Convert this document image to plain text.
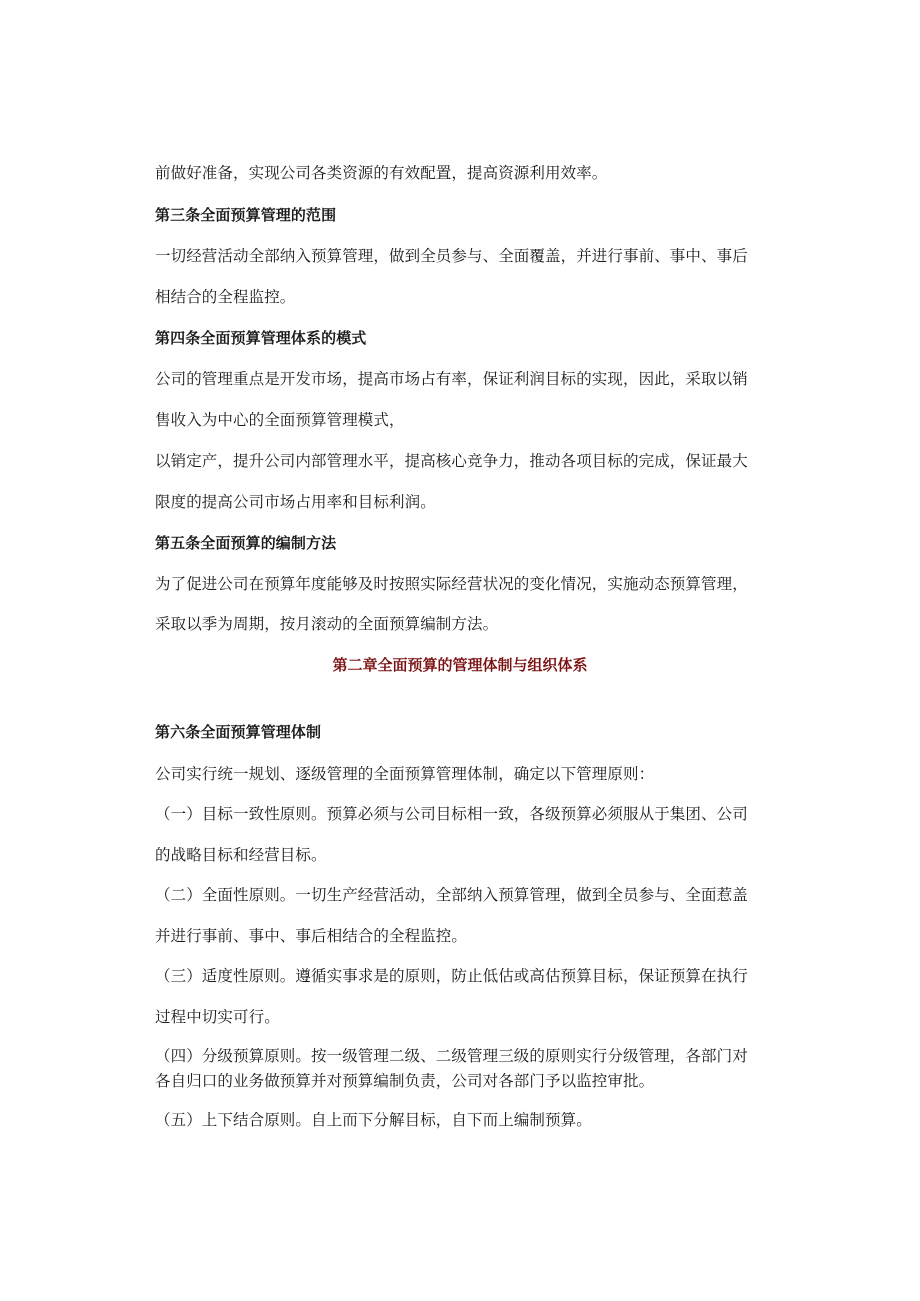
前做好准备，实现公司各类资源的有效配置，提高资源利用效率。
第三条全面预算管理的范围
一切经营活动全部纳入预算管理，做到全员参与、全面覆盖，并进行事前、事中、事后
相结合的全程监控。
第四条全面预算管理体系的模式
公司的管理重点是开发市场，提高市场占有率，保证利润目标的实现，因此，采取以销
售收入为中心的全面预算管理模式，
以销定产，提升公司内部管理水平，提高核心竞争力，推动各项目标的完成，保证最大
限度的提高公司市场占用率和目标利润。
第五条全面预算的编制方法
为了促进公司在预算年度能够及时按照实际经营状况的变化情况，实施动态预算管理，
采取以季为周期，按月滚动的全面预算编制方法。
第二章全面预算的管理体制与组织体系
第六条全面预算管理体制
公司实行统一规划、逐级管理的全面预算管理体制，确定以下管理原则：
（一）目标一致性原则。预算必须与公司目标相一致，各级预算必须服从于集团、公司
的战略目标和经营目标。
（二）全面性原则。一切生产经营活动，全部纳入预算管理，做到全员参与、全面惹盖
并进行事前、事中、事后相结合的全程监控。
（三）适度性原则。遵循实事求是的原则，防止低估或高估预算目标，保证预算在执行
过程中切实可行。
（四）分级预算原则。按一级管理二级、二级管理三级的原则实行分级管理，各部门对
各自归口的业务做预算并对预算编制负责，公司对各部门予以监控审批。
（五）上下结合原则。自上而下分解目标，自下而上编制预算。
